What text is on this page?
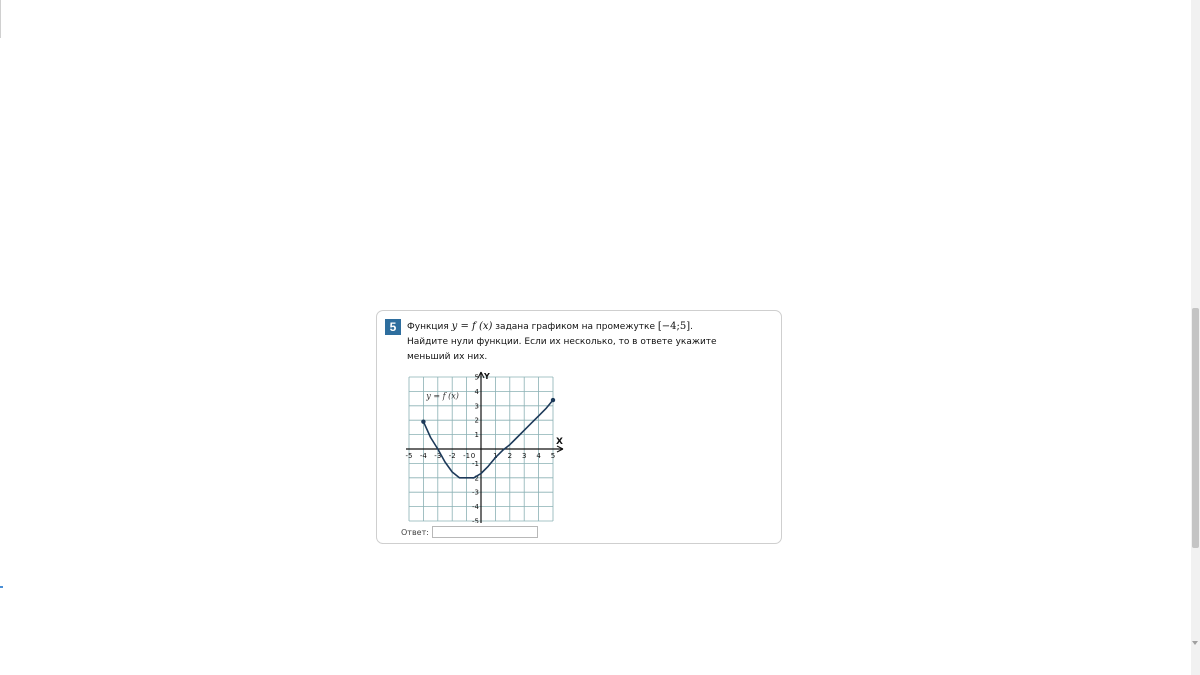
5	Функция y = f (x) задана графиком на промежутке [−4;5].
Найдите нули функции. Если их несколько, то в ответе укажите
меньший их них.
X
Y
-5 -4 -3 -2 -1 0	1 2 3 4 5
5
4
3
2
1
-1
-2
-3
-4
-5
y = f (x)
Ответ:
